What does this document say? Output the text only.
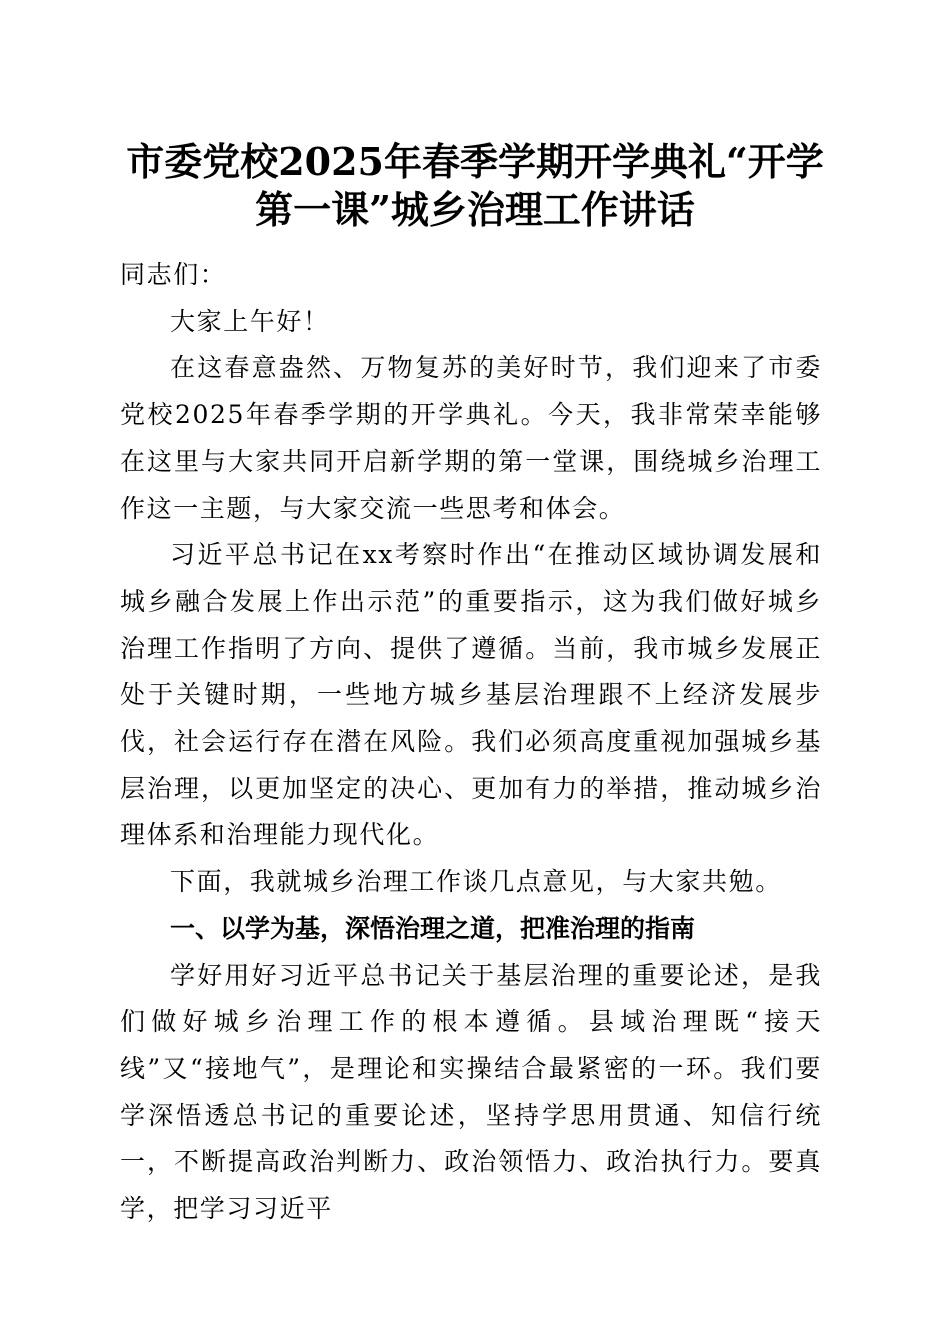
市委党校2025年春季学期开学典礼“开学第一课”城乡治理工作讲话

同志们：

大家上午好！

在这春意盎然、万物复苏的美好时节，我们迎来了市委党校2025年春季学期的开学典礼。今天，我非常荣幸能够在这里与大家共同开启新学期的第一堂课，围绕城乡治理工作这一主题，与大家交流一些思考和体会。

习近平总书记在xx考察时作出“在推动区域协调发展和城乡融合发展上作出示范”的重要指示，这为我们做好城乡治理工作指明了方向、提供了遵循。当前，我市城乡发展正处于关键时期，一些地方城乡基层治理跟不上经济发展步伐，社会运行存在潜在风险。我们必须高度重视加强城乡基层治理，以更加坚定的决心、更加有力的举措，推动城乡治理体系和治理能力现代化。

下面，我就城乡治理工作谈几点意见，与大家共勉。

一、以学为基，深悟治理之道，把准治理的指南

学好用好习近平总书记关于基层治理的重要论述，是我们做好城乡治理工作的根本遵循。县域治理既“接天线”又“接地气”，是理论和实操结合最紧密的一环。我们要学深悟透总书记的重要论述，坚持学思用贯通、知信行统一，不断提高政治判断力、政治领悟力、政治执行力。要真学，把学习习近平
